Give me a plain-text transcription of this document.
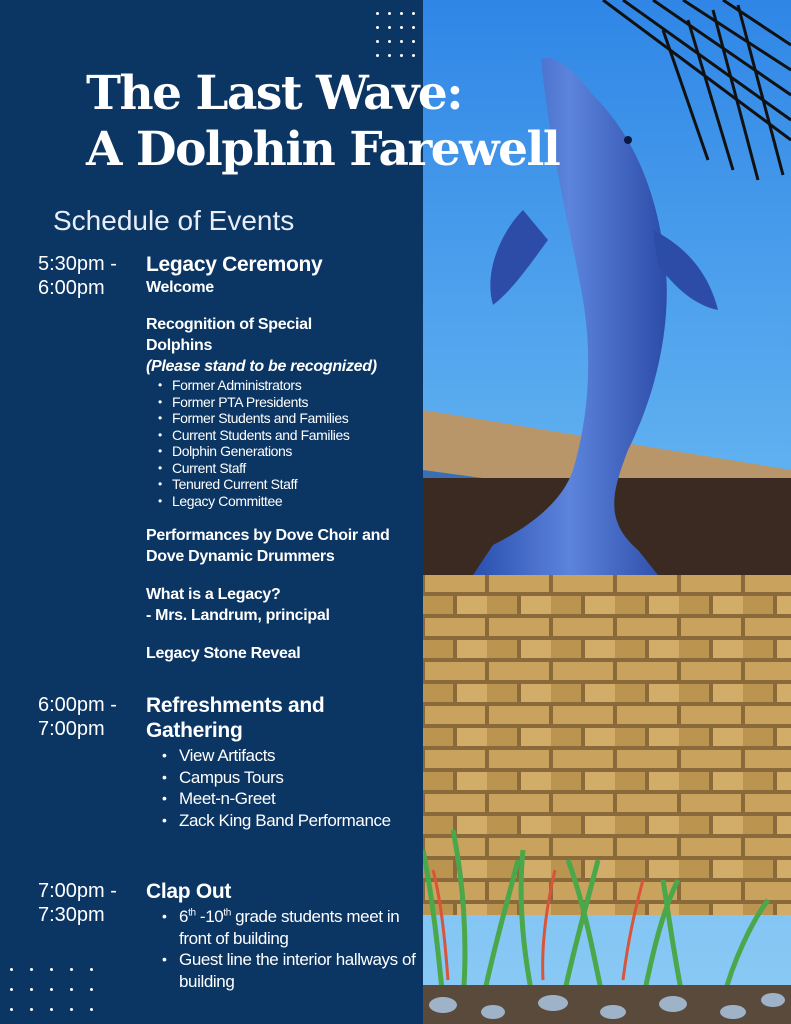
The Last Wave:
A Dolphin Farewell
Schedule of Events
5:30pm -
6:00pm
Legacy Ceremony
Welcome
Recognition of Special Dolphins
(Please stand to be recognized)
• Former Administrators
• Former PTA Presidents
• Former Students and Families
• Current Students and Families
• Dolphin Generations
• Current Staff
• Tenured Current Staff
• Legacy Committee
Performances by Dove Choir and Dove Dynamic Drummers
What is a Legacy?
- Mrs. Landrum, principal
Legacy Stone Reveal
6:00pm -
7:00pm
Refreshments and Gathering
• View Artifacts
• Campus Tours
• Meet-n-Greet
• Zack King Band Performance
7:00pm -
7:30pm
Clap Out
• 6th -10th grade students meet in front of building
• Guest line the interior hallways of building
